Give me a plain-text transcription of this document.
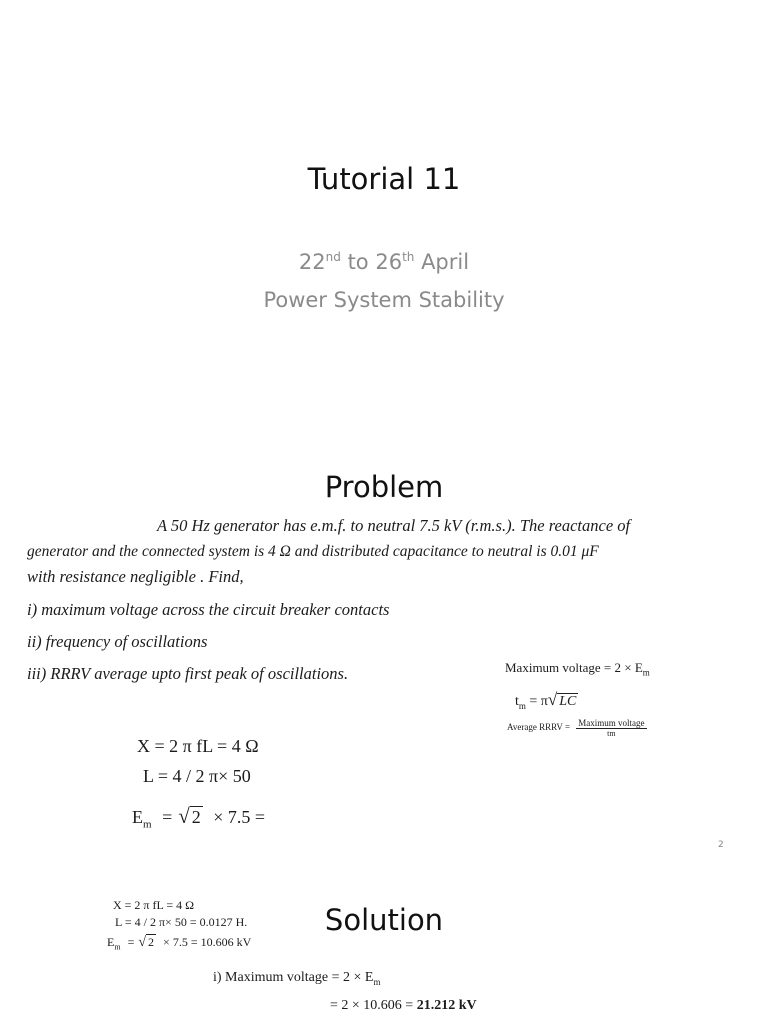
Tutorial 11
22nd to 26th April
Power System Stability
Problem
A 50 Hz generator has e.m.f. to neutral 7.5 kV (r.m.s.). The reactance of
generator and the connected system is 4 Ω and distributed capacitance to neutral is 0.01 μF
with resistance negligible . Find,
i) maximum voltage across the circuit breaker contacts
ii) frequency of oscillations
iii) RRRV average upto first peak of oscillations.	Maximum voltage = $2 \times E_m$
$t_m = \pi√$ LC
Average RRRV = $\frac{\text{Maximum voltage}}{tm}$
X = 2 π fL = 4 Ω
L = 4 / 2 π× 50
$E_m$ = √ 2 × 7.5 =
2
Solution
X = 2 π fL = 4 Ω
L = 4 / 2 π× 50 = 0.0127 H.
$E_m$ = √ 2 × 7.5 = 10.606 kV
i) Maximum voltage = $2 \times E_m$
= 2 × 10.606 = 21.212 kV
